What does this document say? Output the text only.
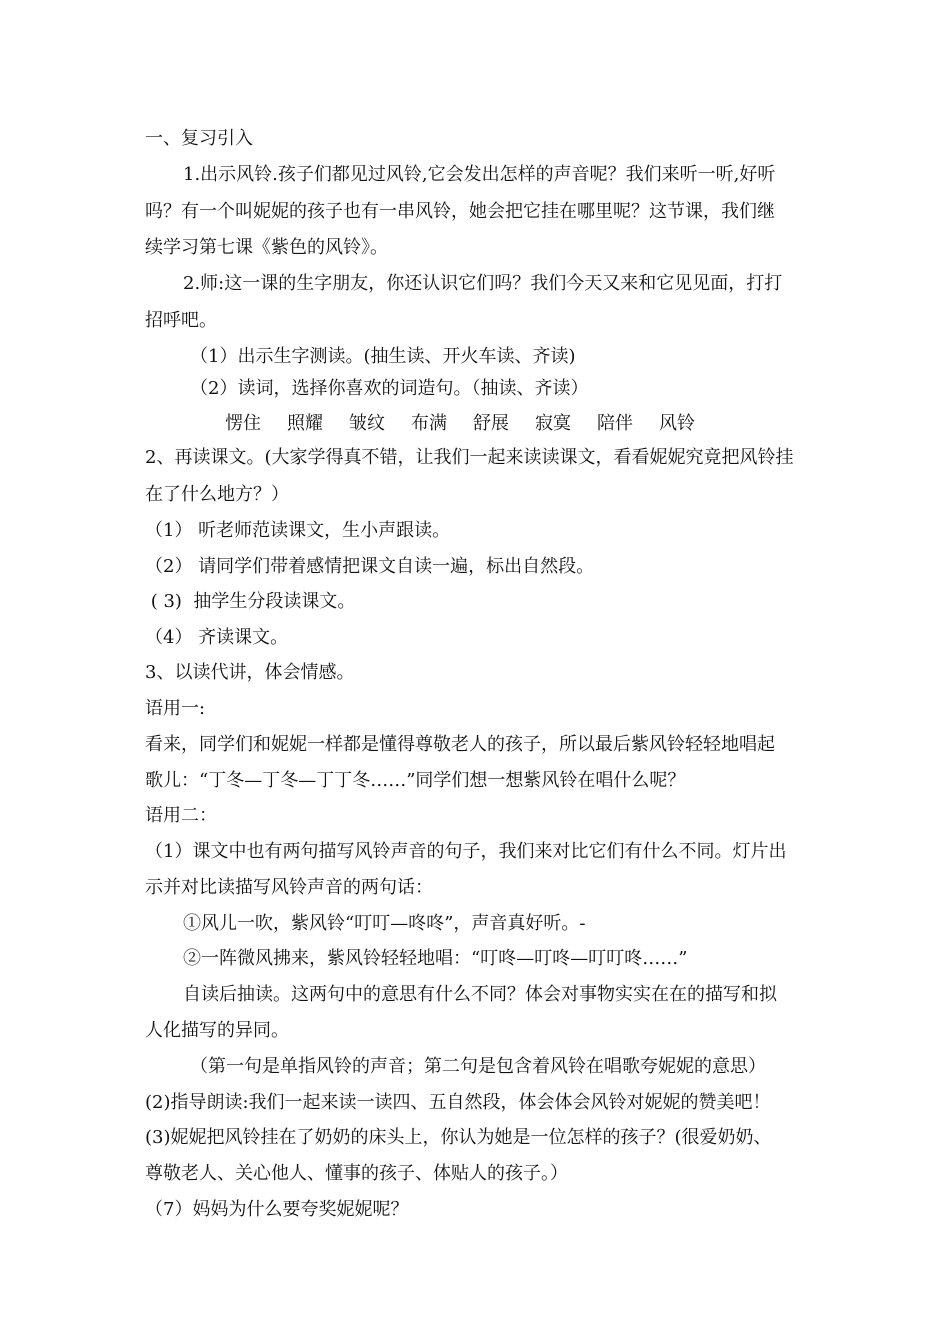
一、复习引入
1.出示风铃.孩子们都见过风铃,它会发出怎样的声音呢？我们来听一听,好听
吗？有一个叫妮妮的孩子也有一串风铃，她会把它挂在哪里呢？这节课，我们继
续学习第七课《紫色的风铃》。
2.师:这一课的生字朋友，你还认识它们吗？我们今天又来和它见见面，打打
招呼吧。
（1）出示生字测读。(抽生读、开火车读、齐读)
（2）读词，选择你喜欢的词造句。（抽读、齐读）
愣住	照耀	皱纹	布满	舒展	寂寞	陪伴	风铃
2、再读课文。(大家学得真不错，让我们一起来读读课文，看看妮妮究竟把风铃挂
在了什么地方？）
（1） 听老师范读课文，生小声跟读。
（2） 请同学们带着感情把课文自读一遍，标出自然段。
( 3)  抽学生分段读课文。
（4） 齐读课文。
3、以读代讲，体会情感。
语用一:
看来，同学们和妮妮一样都是懂得尊敬老人的孩子，所以最后紫风铃轻轻地唱起
歌儿：“丁冬—丁冬—丁丁冬……”同学们想一想紫风铃在唱什么呢？
语用二：
（1）课文中也有两句描写风铃声音的句子，我们来对比它们有什么不同。灯片出
示并对比读描写风铃声音的两句话：
①风儿一吹，紫风铃“叮叮—咚咚”，声音真好听。-
②一阵微风拂来，紫风铃轻轻地唱：“叮咚—叮咚—叮叮咚……”
自读后抽读。这两句中的意思有什么不同？体会对事物实实在在的描写和拟
人化描写的异同。
（第一句是单指风铃的声音；第二句是包含着风铃在唱歌夸妮妮的意思）
(2)指导朗读:我们一起来读一读四、五自然段，体会体会风铃对妮妮的赞美吧！
(3)妮妮把风铃挂在了奶奶的床头上，你认为她是一位怎样的孩子？(很爱奶奶、
尊敬老人、关心他人、懂事的孩子、体贴人的孩子。）
（7）妈妈为什么要夸奖妮妮呢？
